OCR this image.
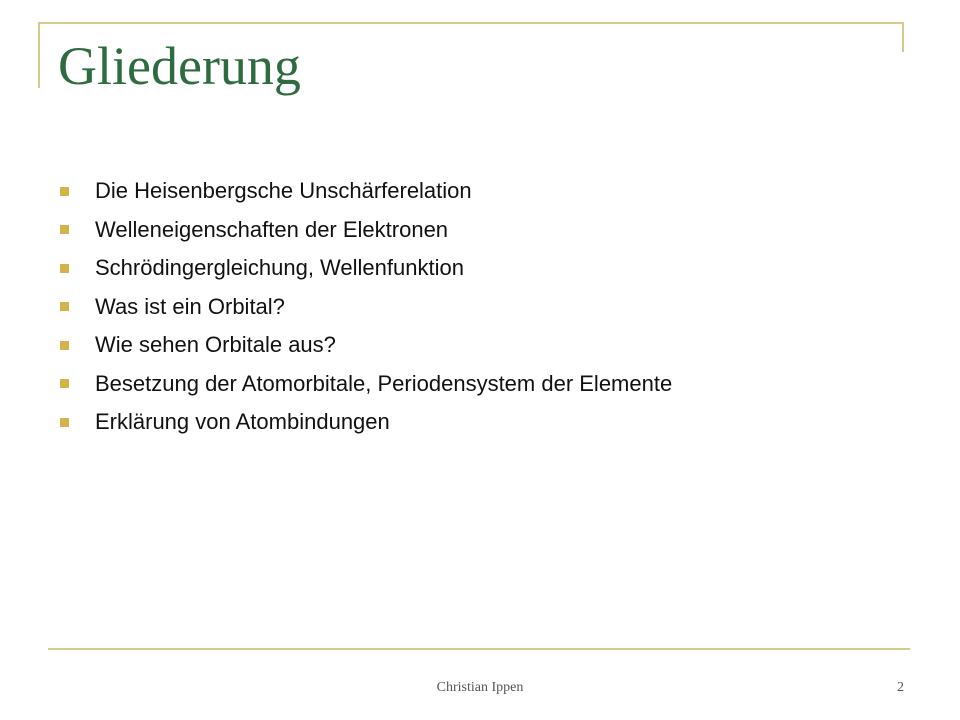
Gliederung
Die Heisenbergsche Unschärferelation
Welleneigenschaften der Elektronen
Schrödingergleichung, Wellenfunktion
Was ist ein Orbital?
Wie sehen Orbitale aus?
Besetzung der Atomorbitale, Periodensystem der Elemente
Erklärung von Atombindungen
Christian Ippen	2
